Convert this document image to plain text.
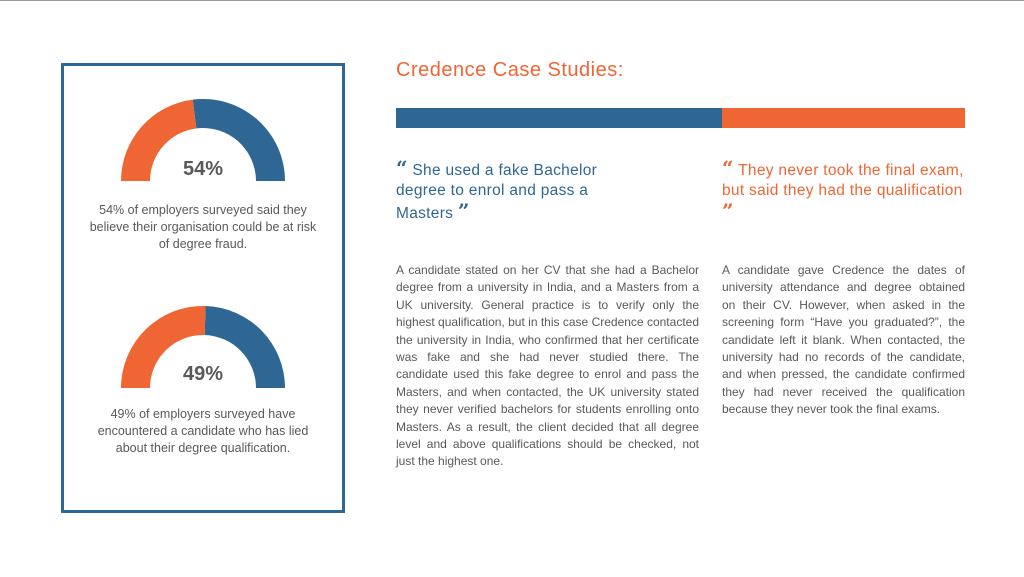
54%
54% of employers surveyed said they believe their organisation could be at risk of degree fraud.
49%
49% of employers surveyed have encountered a candidate who has lied about their degree qualification.
Credence Case Studies:
“ She used a fake Bachelor degree to enrol and pass a Masters ”
“ They never took the final exam, but said they had the qualification ”
A candidate stated on her CV that she had a Bachelor degree from a university in India, and a Masters from a UK university. General practice is to verify only the highest qualification, but in this case Credence contacted the university in India, who confirmed that her certificate was fake and she had never studied there. The candidate used this fake degree to enrol and pass the Masters, and when contacted, the UK university stated they never verified bachelors for students enrolling onto Masters. As a result, the client decided that all degree level and above qualifications should be checked, not just the highest one.
A candidate gave Credence the dates of university attendance and degree obtained on their CV. However, when asked in the screening form “Have you graduated?”, the candidate left it blank. When contacted, the university had no records of the candidate, and when pressed, the candidate confirmed they had never received the qualification because they never took the final exams.
